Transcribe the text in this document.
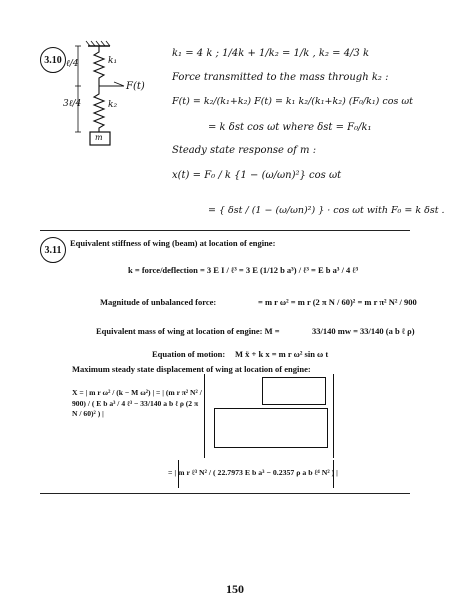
3.10 ℓ/4
3ℓ/4
k₁
k₂
F(t)
m
k₁ = 4 k ; 1/4k + 1/k₂ = 1/k , k₂ = 4/3 k
Force transmitted to the mass through k₂ :
F(t) = k₂/(k₁+k₂) F(t) = k₁ k₂/(k₁+k₂) (F₀/k₁) cos ωt
= k δst cos ωt where δst = F₀/k₁
Steady state response of m :
x(t) = F₀ / k {1 − (ω/ωn)²} cos ωt
= { δst / (1 − (ω/ωn)²) } · cos ωt with F₀ = k δst .
3.11
Equivalent stiffness of wing (beam) at location of engine:
k = force/deflection = 3 E I / ℓ³ = 3 E (1/12 b a³) / ℓ³ = E b a³ / 4 ℓ³
Magnitude of unbalanced force:	= m r ω² = m r (2 π N / 60)² = m r π² N² / 900
Equivalent mass of wing at location of engine: M =	33/140 mw = 33/140 (a b ℓ ρ)
Equation of motion: M ẍ + k x = m r ω² sin ω t
Maximum steady state displacement of wing at location of engine:
X = | m r ω² / (k − M ω²) | = | (m r π² N² / 900) / ( E b a³ / 4 ℓ³ − 33/140 a b ℓ ρ (2 π N / 60)² ) |
= | m r ℓ³ N² / ( 22.7973 E b a³ − 0.2357 ρ a b ℓ⁴ N² ) |
150
